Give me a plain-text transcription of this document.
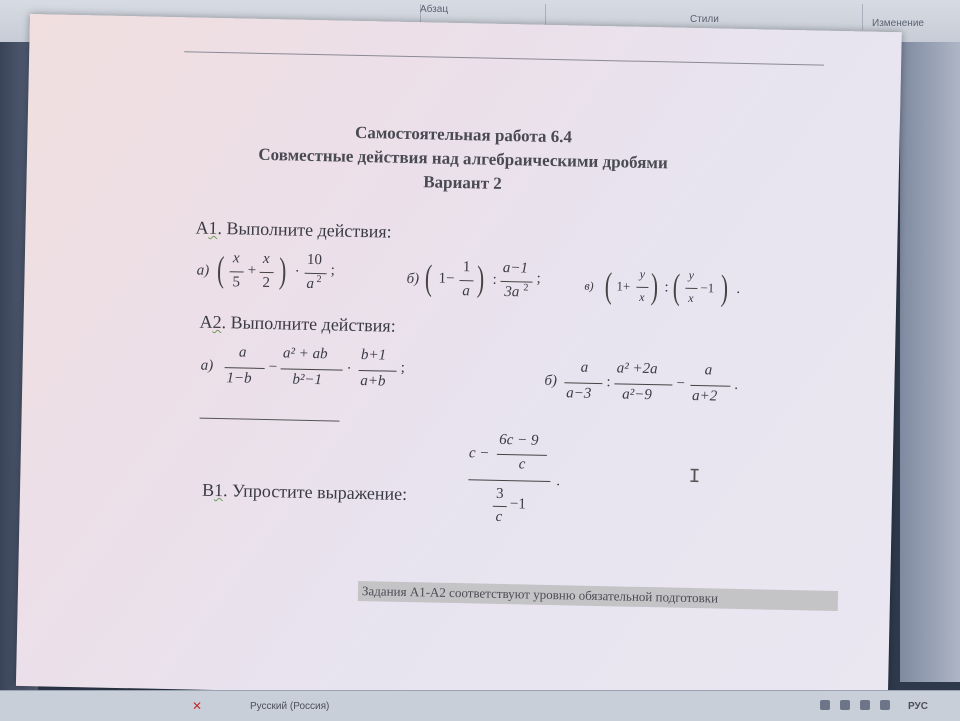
Абзац
Стили	Изменение
Самостоятельная работа 6.4
Совместные действия над алгебраическими дробями
Вариант 2
А1. Выполните действия:
а) ( x
5
+
x
2 ) ·
10
a 2
;
б) ( 1−
1
a ) :
a−1
3a 2
;	в) ( 1+
y
x ) : ( y
x
−1 ) .
А2. Выполните действия:
а)
a
1−b
−
a² + ab
b²−1
·
b+1
a+b
;
б)
a
a−3
:
a² +2a
a²−9
−
a
a+2
.
В1. Упростите выражение:
c −
6c − 9
c
3
c
−1
.	I
Задания А1-А2 соответствуют уровню обязательной подготовки
✕	Русский (Россия)	РУС
